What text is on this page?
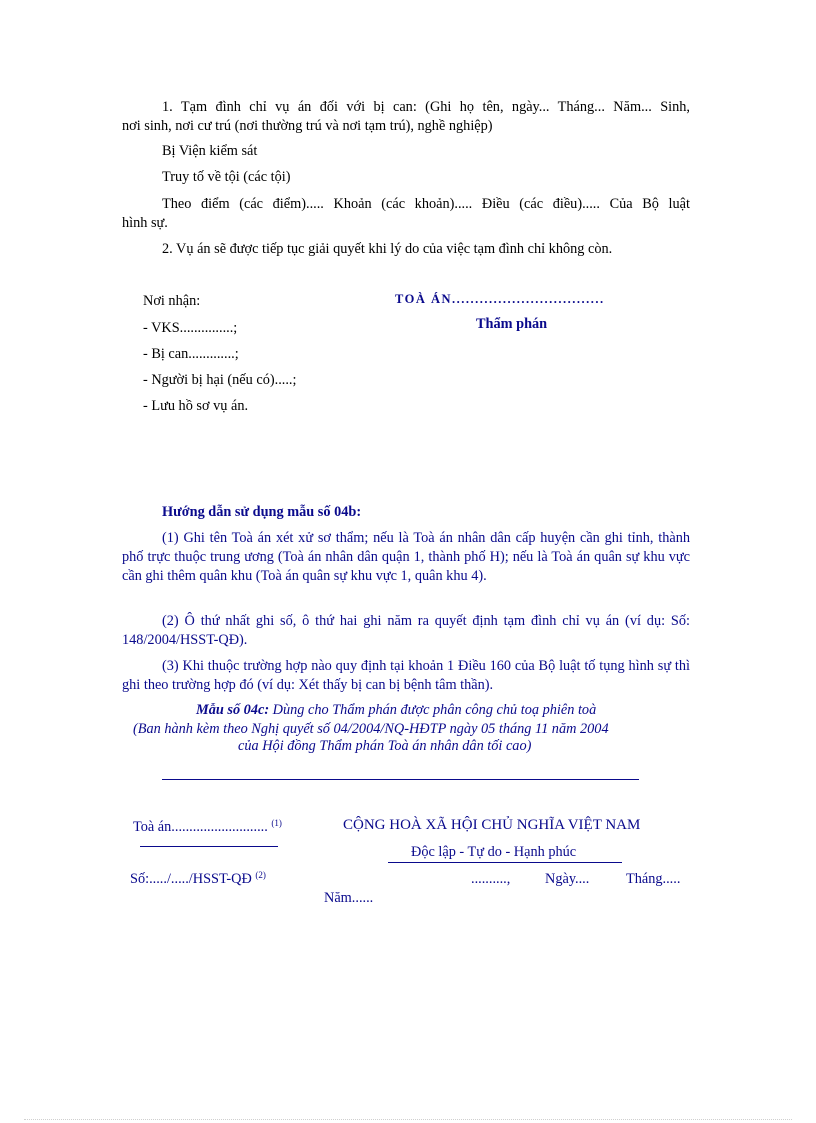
1. Tạm đình chỉ vụ án đối với bị can: (Ghi họ tên, ngày... Tháng... Năm... Sinh,
nơi sinh, nơi cư trú (nơi thường trú và nơi tạm trú), nghề nghiệp)
Bị Viện kiểm sát
Truy tố về tội (các tội)
Theo điểm (các điểm)..... Khoản (các khoản)..... Điều (các điều)..... Của Bộ luật
hình sự.
2. Vụ án sẽ được tiếp tục giải quyết khi lý do của việc tạm đình chỉ không còn.
Nơi nhận:
- VKS...............;
- Bị can.............;
- Người bị hại (nếu có).....;
- Lưu hồ sơ vụ án.
TOÀ ÁN.................................
Thẩm phán
Hướng dẫn sử dụng mẫu số 04b:
(1) Ghi tên Toà án xét xử sơ thẩm; nếu là Toà án nhân dân cấp huyện cần ghi tỉnh, thành phố trực thuộc trung ương (Toà án nhân dân quận 1, thành phố H); nếu là Toà án quân sự khu vực cần ghi thêm quân khu (Toà án quân sự khu vực 1, quân khu 4).
(2) Ô thứ nhất ghi số, ô thứ hai ghi năm ra quyết định tạm đình chỉ vụ án (ví dụ: Số: 148/2004/HSST-QĐ).
(3) Khi thuộc trường hợp nào quy định tại khoản 1 Điều 160 của Bộ luật tố tụng hình sự thì ghi theo trường hợp đó (ví dụ: Xét thấy bị can bị bệnh tâm thần).
Mẫu số 04c: Dùng cho Thẩm phán được phân công chủ toạ phiên toà
(Ban hành kèm theo Nghị quyết số 04/2004/NQ-HĐTP ngày 05 tháng 11 năm 2004
của Hội đồng Thẩm phán Toà án nhân dân tối cao)
Toà án........................... $^{(1)}$	CỘNG HOÀ XÃ HỘI CHỦ NGHĨA VIỆT NAM
Độc lập - Tự do - Hạnh phúc
Số:...../...../HSST-QĐ $^{(2)}$	.........., Ngày....	Tháng.....
Năm......
